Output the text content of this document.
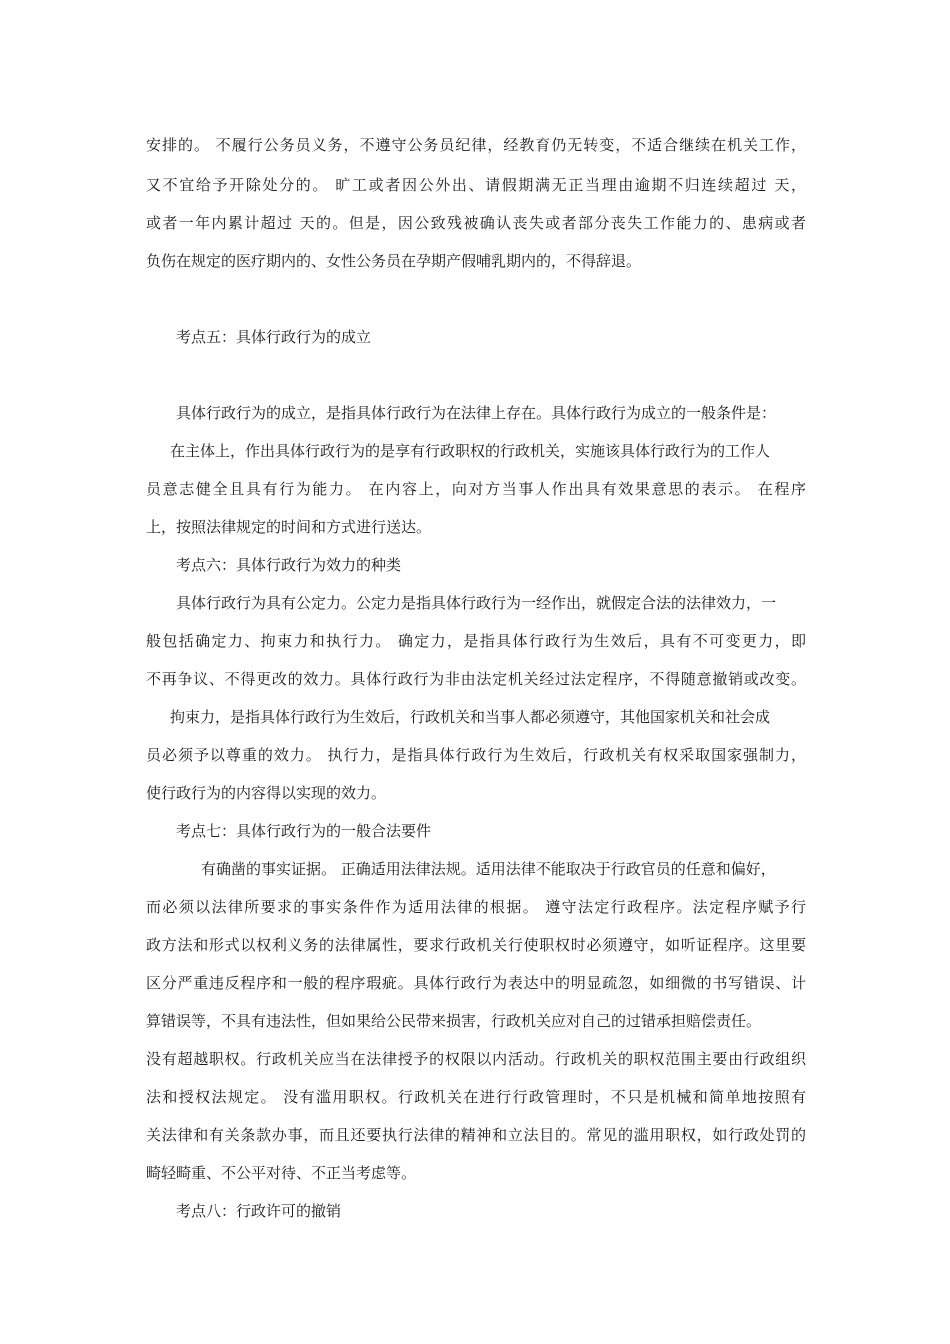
安排的。 不履行公务员义务，不遵守公务员纪律，经教育仍无转变，不适合继续在机关工作，
又不宜给予开除处分的。 旷工或者因公外出、请假期满无正当理由逾期不归连续超过 天，
或者一年内累计超过 天的。但是，因公致残被确认丧失或者部分丧失工作能力的、患病或者
负伤在规定的医疗期内的、女性公务员在孕期产假哺乳期内的，不得辞退。
考点五：具体行政行为的成立
具体行政行为的成立，是指具体行政行为在法律上存在。具体行政行为成立的一般条件是：
在主体上，作出具体行政行为的是享有行政职权的行政机关，实施该具体行政行为的工作人
员意志健全且具有行为能力。 在内容上，向对方当事人作出具有效果意思的表示。 在程序
上，按照法律规定的时间和方式进行送达。
考点六：具体行政行为效力的种类
具体行政行为具有公定力。公定力是指具体行政行为一经作出，就假定合法的法律效力，一
般包括确定力、拘束力和执行力。 确定力，是指具体行政行为生效后，具有不可变更力，即
不再争议、不得更改的效力。具体行政行为非由法定机关经过法定程序，不得随意撤销或改变。
拘束力，是指具体行政行为生效后，行政机关和当事人都必须遵守，其他国家机关和社会成
员必须予以尊重的效力。 执行力，是指具体行政行为生效后，行政机关有权采取国家强制力，
使行政行为的内容得以实现的效力。
考点七：具体行政行为的一般合法要件
有确凿的事实证据。 正确适用法律法规。适用法律不能取决于行政官员的任意和偏好，
而必须以法律所要求的事实条件作为适用法律的根据。 遵守法定行政程序。法定程序赋予行
政方法和形式以权利义务的法律属性，要求行政机关行使职权时必须遵守，如听证程序。这里要
区分严重违反程序和一般的程序瑕疵。具体行政行为表达中的明显疏忽，如细微的书写错误、计
算错误等，不具有违法性，但如果给公民带来损害，行政机关应对自己的过错承担赔偿责任。
没有超越职权。行政机关应当在法律授予的权限以内活动。行政机关的职权范围主要由行政组织
法和授权法规定。 没有滥用职权。行政机关在进行行政管理时，不只是机械和简单地按照有
关法律和有关条款办事，而且还要执行法律的精神和立法目的。常见的滥用职权，如行政处罚的
畸轻畸重、不公平对待、不正当考虑等。
考点八：行政许可的撤销
